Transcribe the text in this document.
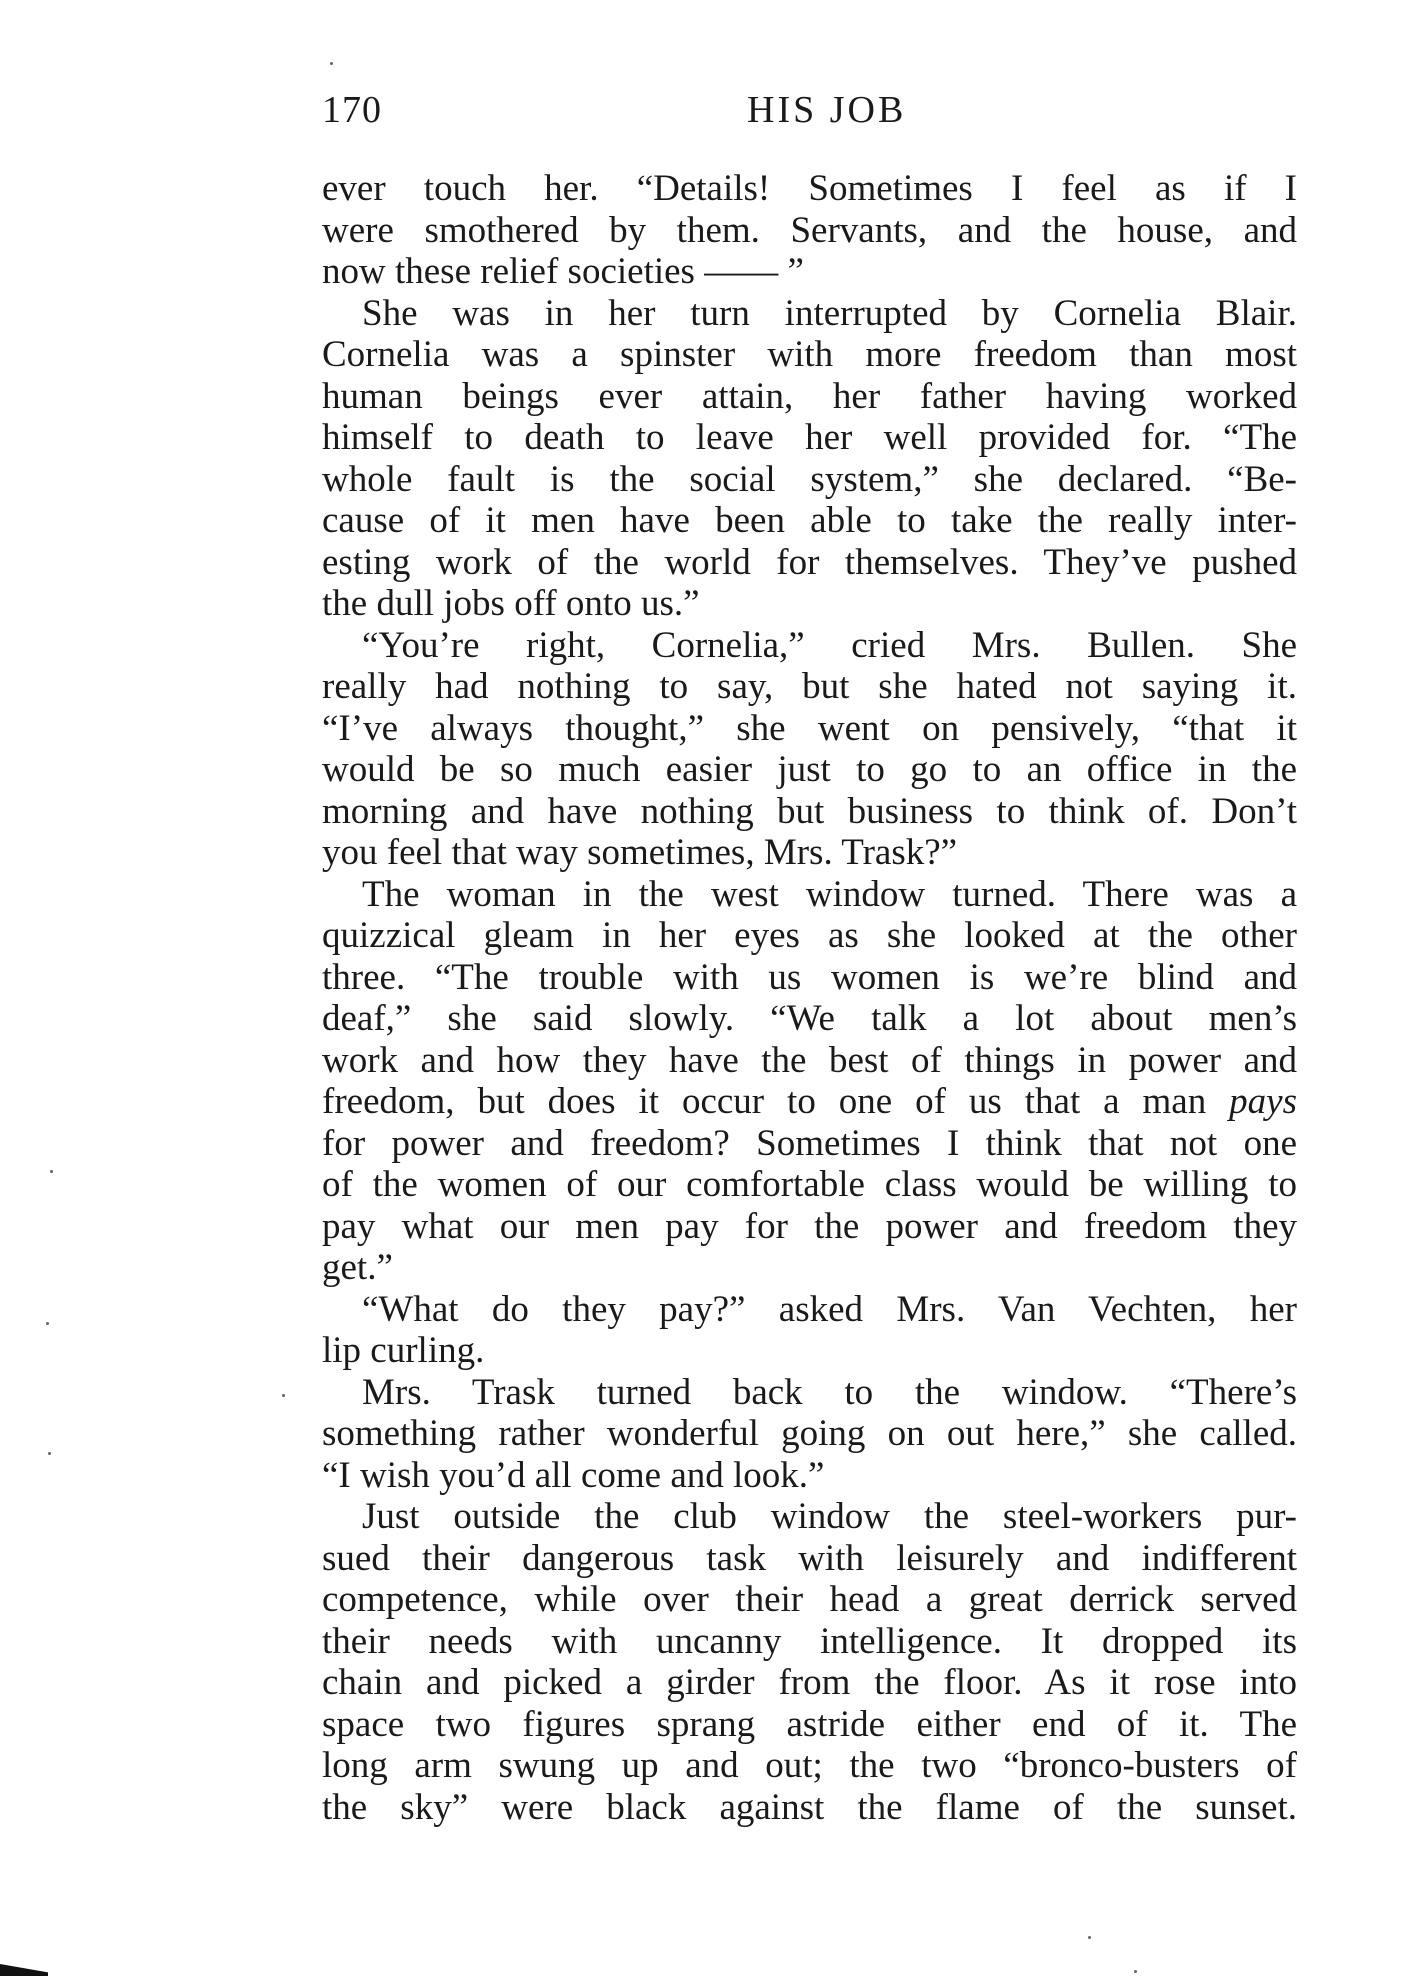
170	HIS JOB
ever touch her. “Details! Sometimes I feel as if I
were smothered by them. Servants, and the house, and
now these relief societies —— ”
She was in her turn interrupted by Cornelia Blair.
Cornelia was a spinster with more freedom than most
human beings ever attain, her father having worked
himself to death to leave her well provided for. “The
whole fault is the social system,” she declared. “Be-
cause of it men have been able to take the really inter-
esting work of the world for themselves. They’ve pushed
the dull jobs off onto us.”
“You’re right, Cornelia,” cried Mrs. Bullen. She
really had nothing to say, but she hated not saying it.
“I’ve always thought,” she went on pensively, “that it
would be so much easier just to go to an office in the
morning and have nothing but business to think of. Don’t
you feel that way sometimes, Mrs. Trask?”
The woman in the west window turned. There was a
quizzical gleam in her eyes as she looked at the other
three. “The trouble with us women is we’re blind and
deaf,” she said slowly. “We talk a lot about men’s
work and how they have the best of things in power and
freedom, but does it occur to one of us that a man pays
for power and freedom? Sometimes I think that not one
of the women of our comfortable class would be willing to
pay what our men pay for the power and freedom they
get.”
“What do they pay?” asked Mrs. Van Vechten, her
lip curling.
Mrs. Trask turned back to the window. “There’s
something rather wonderful going on out here,” she called.
“I wish you’d all come and look.”
Just outside the club window the steel-workers pur-
sued their dangerous task with leisurely and indifferent
competence, while over their head a great derrick served
their needs with uncanny intelligence. It dropped its
chain and picked a girder from the floor. As it rose into
space two figures sprang astride either end of it. The
long arm swung up and out; the two “bronco-busters of
the sky” were black against the flame of the sunset.
